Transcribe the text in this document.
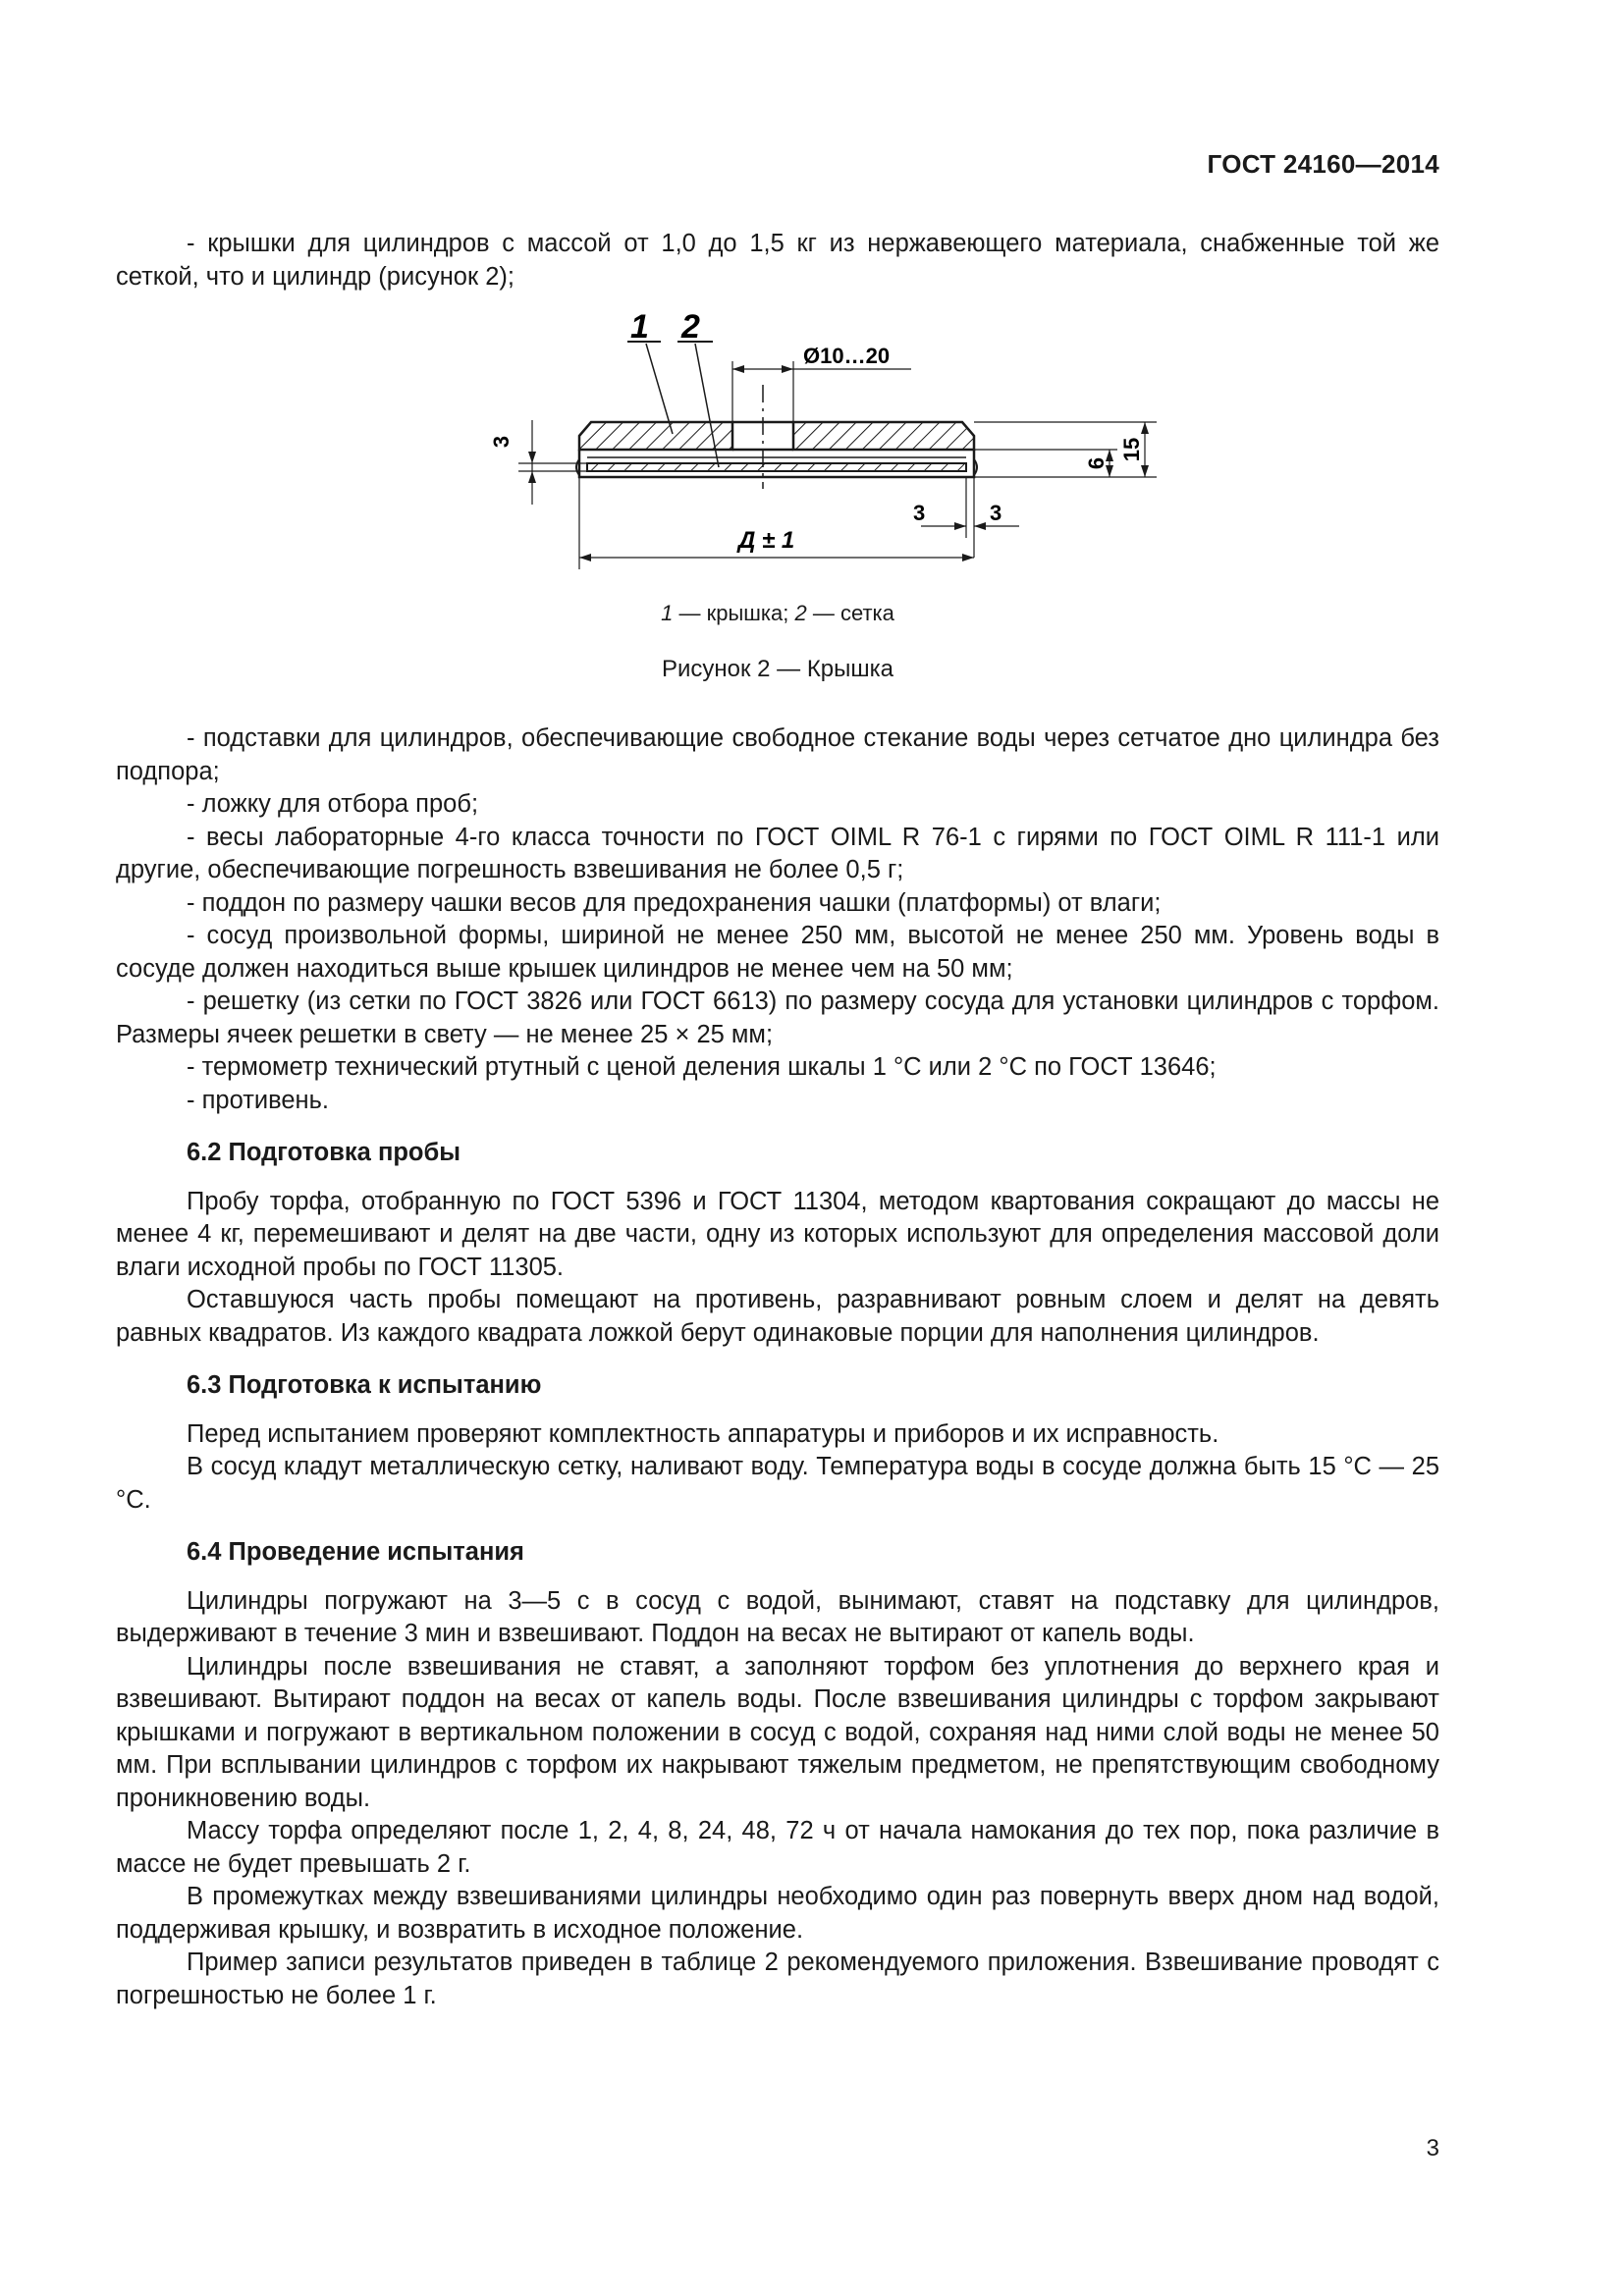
ГОСТ 24160—2014

- крышки для цилиндров с массой от 1,0 до 1,5 кг из нержавеющего материала, снабженные той же сеткой, что и цилиндр (рисунок 2);

1 2
Ø10…20
3
6
15
3	3
Д ± 1
1 — крышка; 2 — сетка
Рисунок 2 — Крышка

- подставки для цилиндров, обеспечивающие свободное стекание воды через сетчатое дно цилиндра без подпора;

- ложку для отбора проб;

- весы лабораторные 4-го класса точности по ГОСТ OIML R 76-1 с гирями по ГОСТ OIML R 111-1 или другие, обеспечивающие погрешность взвешивания не более 0,5 г;

- поддон по размеру чашки весов для предохранения чашки (платформы) от влаги;

- сосуд произвольной формы, шириной не менее 250 мм, высотой не менее 250 мм. Уровень воды в сосуде должен находиться выше крышек цилиндров не менее чем на 50 мм;

- решетку (из сетки по ГОСТ 3826 или ГОСТ 6613) по размеру сосуда для установки цилиндров с торфом. Размеры ячеек решетки в свету — не менее 25 × 25 мм;

- термометр технический ртутный с ценой деления шкалы 1 °С или 2 °С по ГОСТ 13646;

- противень.

6.2 Подготовка пробы

Пробу торфа, отобранную по ГОСТ 5396 и ГОСТ 11304, методом квартования сокращают до массы не менее 4 кг, перемешивают и делят на две части, одну из которых используют для определения массовой доли влаги исходной пробы по ГОСТ 11305.

Оставшуюся часть пробы помещают на противень, разравнивают ровным слоем и делят на девять равных квадратов. Из каждого квадрата ложкой берут одинаковые порции для наполнения цилиндров.

6.3 Подготовка к испытанию

Перед испытанием проверяют комплектность аппаратуры и приборов и их исправность.

В сосуд кладут металлическую сетку, наливают воду. Температура воды в сосуде должна быть 15 °С — 25 °С.

6.4 Проведение испытания

Цилиндры погружают на 3—5 с в сосуд с водой, вынимают, ставят на подставку для цилиндров, выдерживают в течение 3 мин и взвешивают. Поддон на весах не вытирают от капель воды.

Цилиндры после взвешивания не ставят, а заполняют торфом без уплотнения до верхнего края и взвешивают. Вытирают поддон на весах от капель воды. После взвешивания цилиндры с торфом закрывают крышками и погружают в вертикальном положении в сосуд с водой, сохраняя над ними слой воды не менее 50 мм. При всплывании цилиндров с торфом их накрывают тяжелым предметом, не препятствующим свободному проникновению воды.

Массу торфа определяют после 1, 2, 4, 8, 24, 48, 72 ч от начала намокания до тех пор, пока различие в массе не будет превышать 2 г.

В промежутках между взвешиваниями цилиндры необходимо один раз повернуть вверх дном над водой, поддерживая крышку, и возвратить в исходное положение.

Пример записи результатов приведен в таблице 2 рекомендуемого приложения. Взвешивание проводят с погрешностью не более 1 г.

3
